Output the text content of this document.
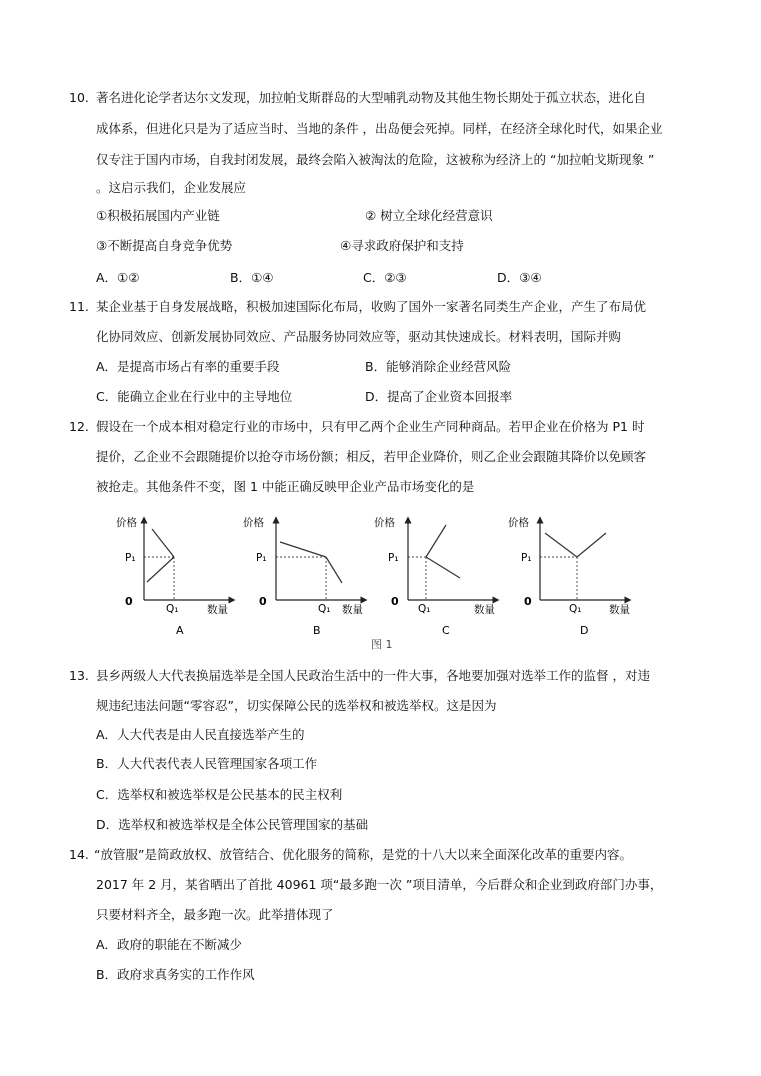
10. 著名进化论学者达尔文发现，加拉帕戈斯群岛的大型哺乳动物及其他生物长期处于孤立状态，进化自
成体系，但进化只是为了适应当时、当地的条件 ，出岛便会死掉。同样，在经济全球化时代，如果企业
仅专注于国内市场，自我封闭发展，最终会陷入被淘汰的危险，这被称为经济上的 “加拉帕戈斯现象 ”
。这启示我们，企业发展应
①积极拓展国内产业链	② 树立全球化经营意识
③不断提高自身竞争优势	④寻求政府保护和支持
A．①②	B．①④	C．②③	D．③④
11. 某企业基于自身发展战略，积极加速国际化布局，收购了国外一家著名同类生产企业，产生了布局优
化协同效应、创新发展协同效应、产品服务协同效应等，驱动其快速成长。材料表明，国际并购
A．是提高市场占有率的重要手段	B．能够消除企业经营风险
C．能确立企业在行业中的主导地位	D．提高了企业资本回报率
12. 假设在一个成本相对稳定行业的市场中，只有甲乙两个企业生产同种商品。若甲企业在价格为 P1 时
提价，乙企业不会跟随提价以抢夺市场份额；相反，若甲企业降价，则乙企业会跟随其降价以免顾客
被抢走。其他条件不变，图 1 中能正确反映甲企业产品市场变化的是
价格
P₁
0
Q₁	数量
A
价格
P₁
0
Q₁ 数量
B
价格
P₁
0
Q₁	数量
C
价格
P₁
0
Q₁	数量
D
图 1
13. 县乡两级人大代表换届选举是全国人民政治生活中的一件大事，各地要加强对选举工作的监督 ，对违
规违纪违法问题“零容忍”，切实保障公民的选举权和被选举权。这是因为
A．人大代表是由人民直接选举产生的
B．人大代表代表人民管理国家各项工作
C．选举权和被选举权是公民基本的民主权利
D．选举权和被选举权是全体公民管理国家的基础
14. “放管服”是简政放权、放管结合、优化服务的简称，是党的十八大以来全面深化改革的重要内容。
2017 年 2 月，某省晒出了首批 40961 项“最多跑一次 ”项目清单，今后群众和企业到政府部门办事，
只要材料齐全，最多跑一次。此举措体现了
A．政府的职能在不断减少
B．政府求真务实的工作作风
